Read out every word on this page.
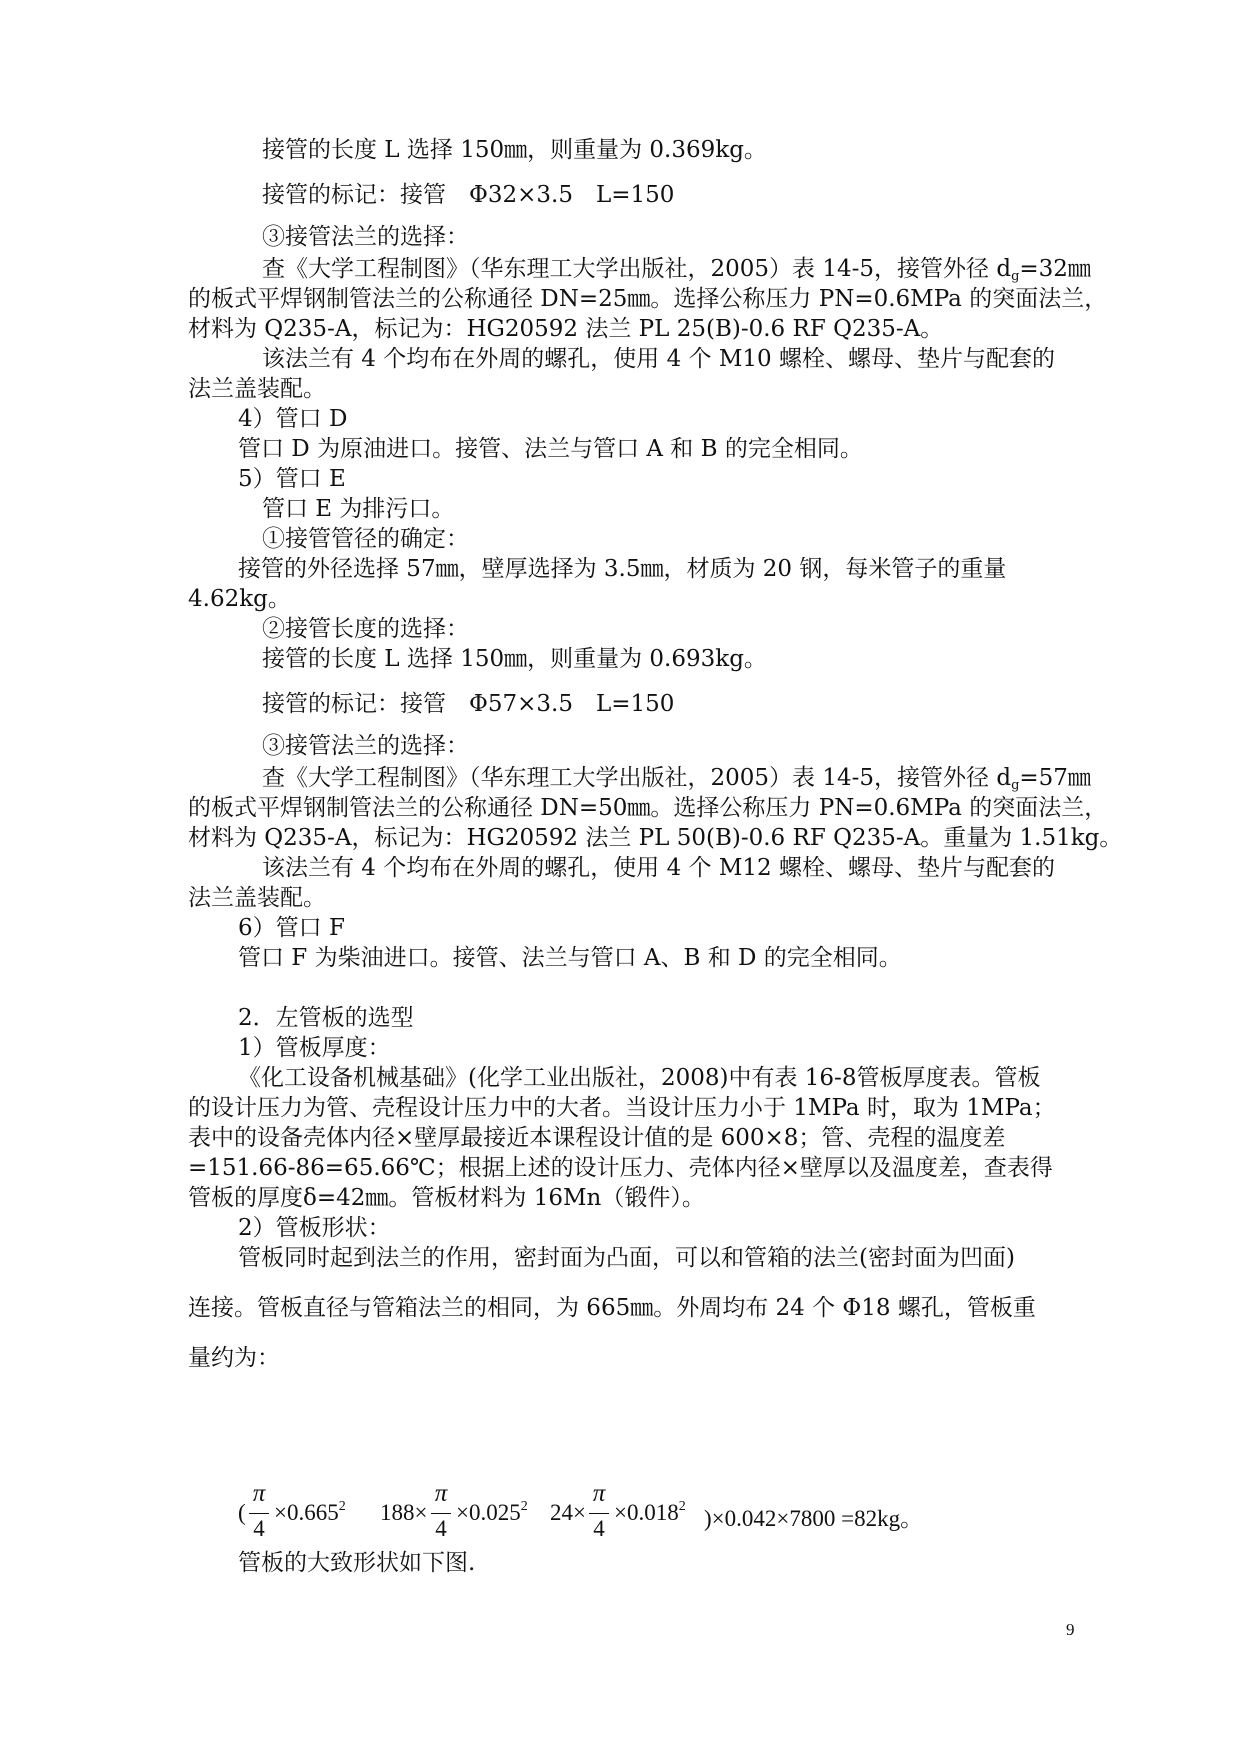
接管的长度 L 选择 150㎜，则重量为 0.369kg。
接管的标记：接管　Φ32×3.5　L=150
③接管法兰的选择：
查《大学工程制图》（华东理工大学出版社，2005）表 14-5，接管外径 $d_g=32㎜$
的板式平焊钢制管法兰的公称通径 DN=25㎜。选择公称压力 PN=0.6MPa 的突面法兰，
材料为 Q235-A，标记为：HG20592 法兰 PL 25(B)-0.6 RF Q235-A。
该法兰有 4 个均布在外周的螺孔，使用 4 个 M10 螺栓、螺母、垫片与配套的
法兰盖装配。
4）管口 D
管口 D 为原油进口。接管、法兰与管口 A 和 B 的完全相同。
5）管口 E
管口 E 为排污口。
①接管管径的确定：
接管的外径选择 57㎜，壁厚选择为 3.5㎜，材质为 20 钢，每米管子的重量
4.62kg。
②接管长度的选择：
接管的长度 L 选择 150㎜，则重量为 0.693kg。
接管的标记：接管　Φ57×3.5　L=150
③接管法兰的选择：
查《大学工程制图》（华东理工大学出版社，2005）表 14-5，接管外径 $d_g=57㎜$
的板式平焊钢制管法兰的公称通径 DN=50㎜。选择公称压力 PN=0.6MPa 的突面法兰，
材料为 Q235-A，标记为：HG20592 法兰 PL 50(B)-0.6 RF Q235-A。重量为 1.51kg。
该法兰有 4 个均布在外周的螺孔，使用 4 个 M12 螺栓、螺母、垫片与配套的
法兰盖装配。
6）管口 F
管口 F 为柴油进口。接管、法兰与管口 A、B 和 D 的完全相同。
2．左管板的选型
1）管板厚度：
《化工设备机械基础》(化学工业出版社，2008)中有表 16-8管板厚度表。管板
的设计压力为管、壳程设计压力中的大者。当设计压力小于 1MPa 时，取为 1MPa；
表中的设备壳体内径×壁厚最接近本课程设计值的是 600×8；管、壳程的温度差
=151.66-86=65.66℃；根据上述的设计压力、壳体内径×壁厚以及温度差，查表得
管板的厚度δ=42㎜。管板材料为 16Mn（锻件）。
2）管板形状：
管板同时起到法兰的作用，密封面为凸面，可以和管箱的法兰(密封面为凹面)
连接。管板直径与管箱法兰的相同，为 665㎜。外周均布 24 个 Φ18 螺孔，管板重
量约为：
(
π
4
$\times 0.665^2$ 188×
π
4
$\times 0.025^2$ 24×
π
4
$\times 0.018^2$ )×0.042×7800 =82kg。
管板的大致形状如下图.
9
